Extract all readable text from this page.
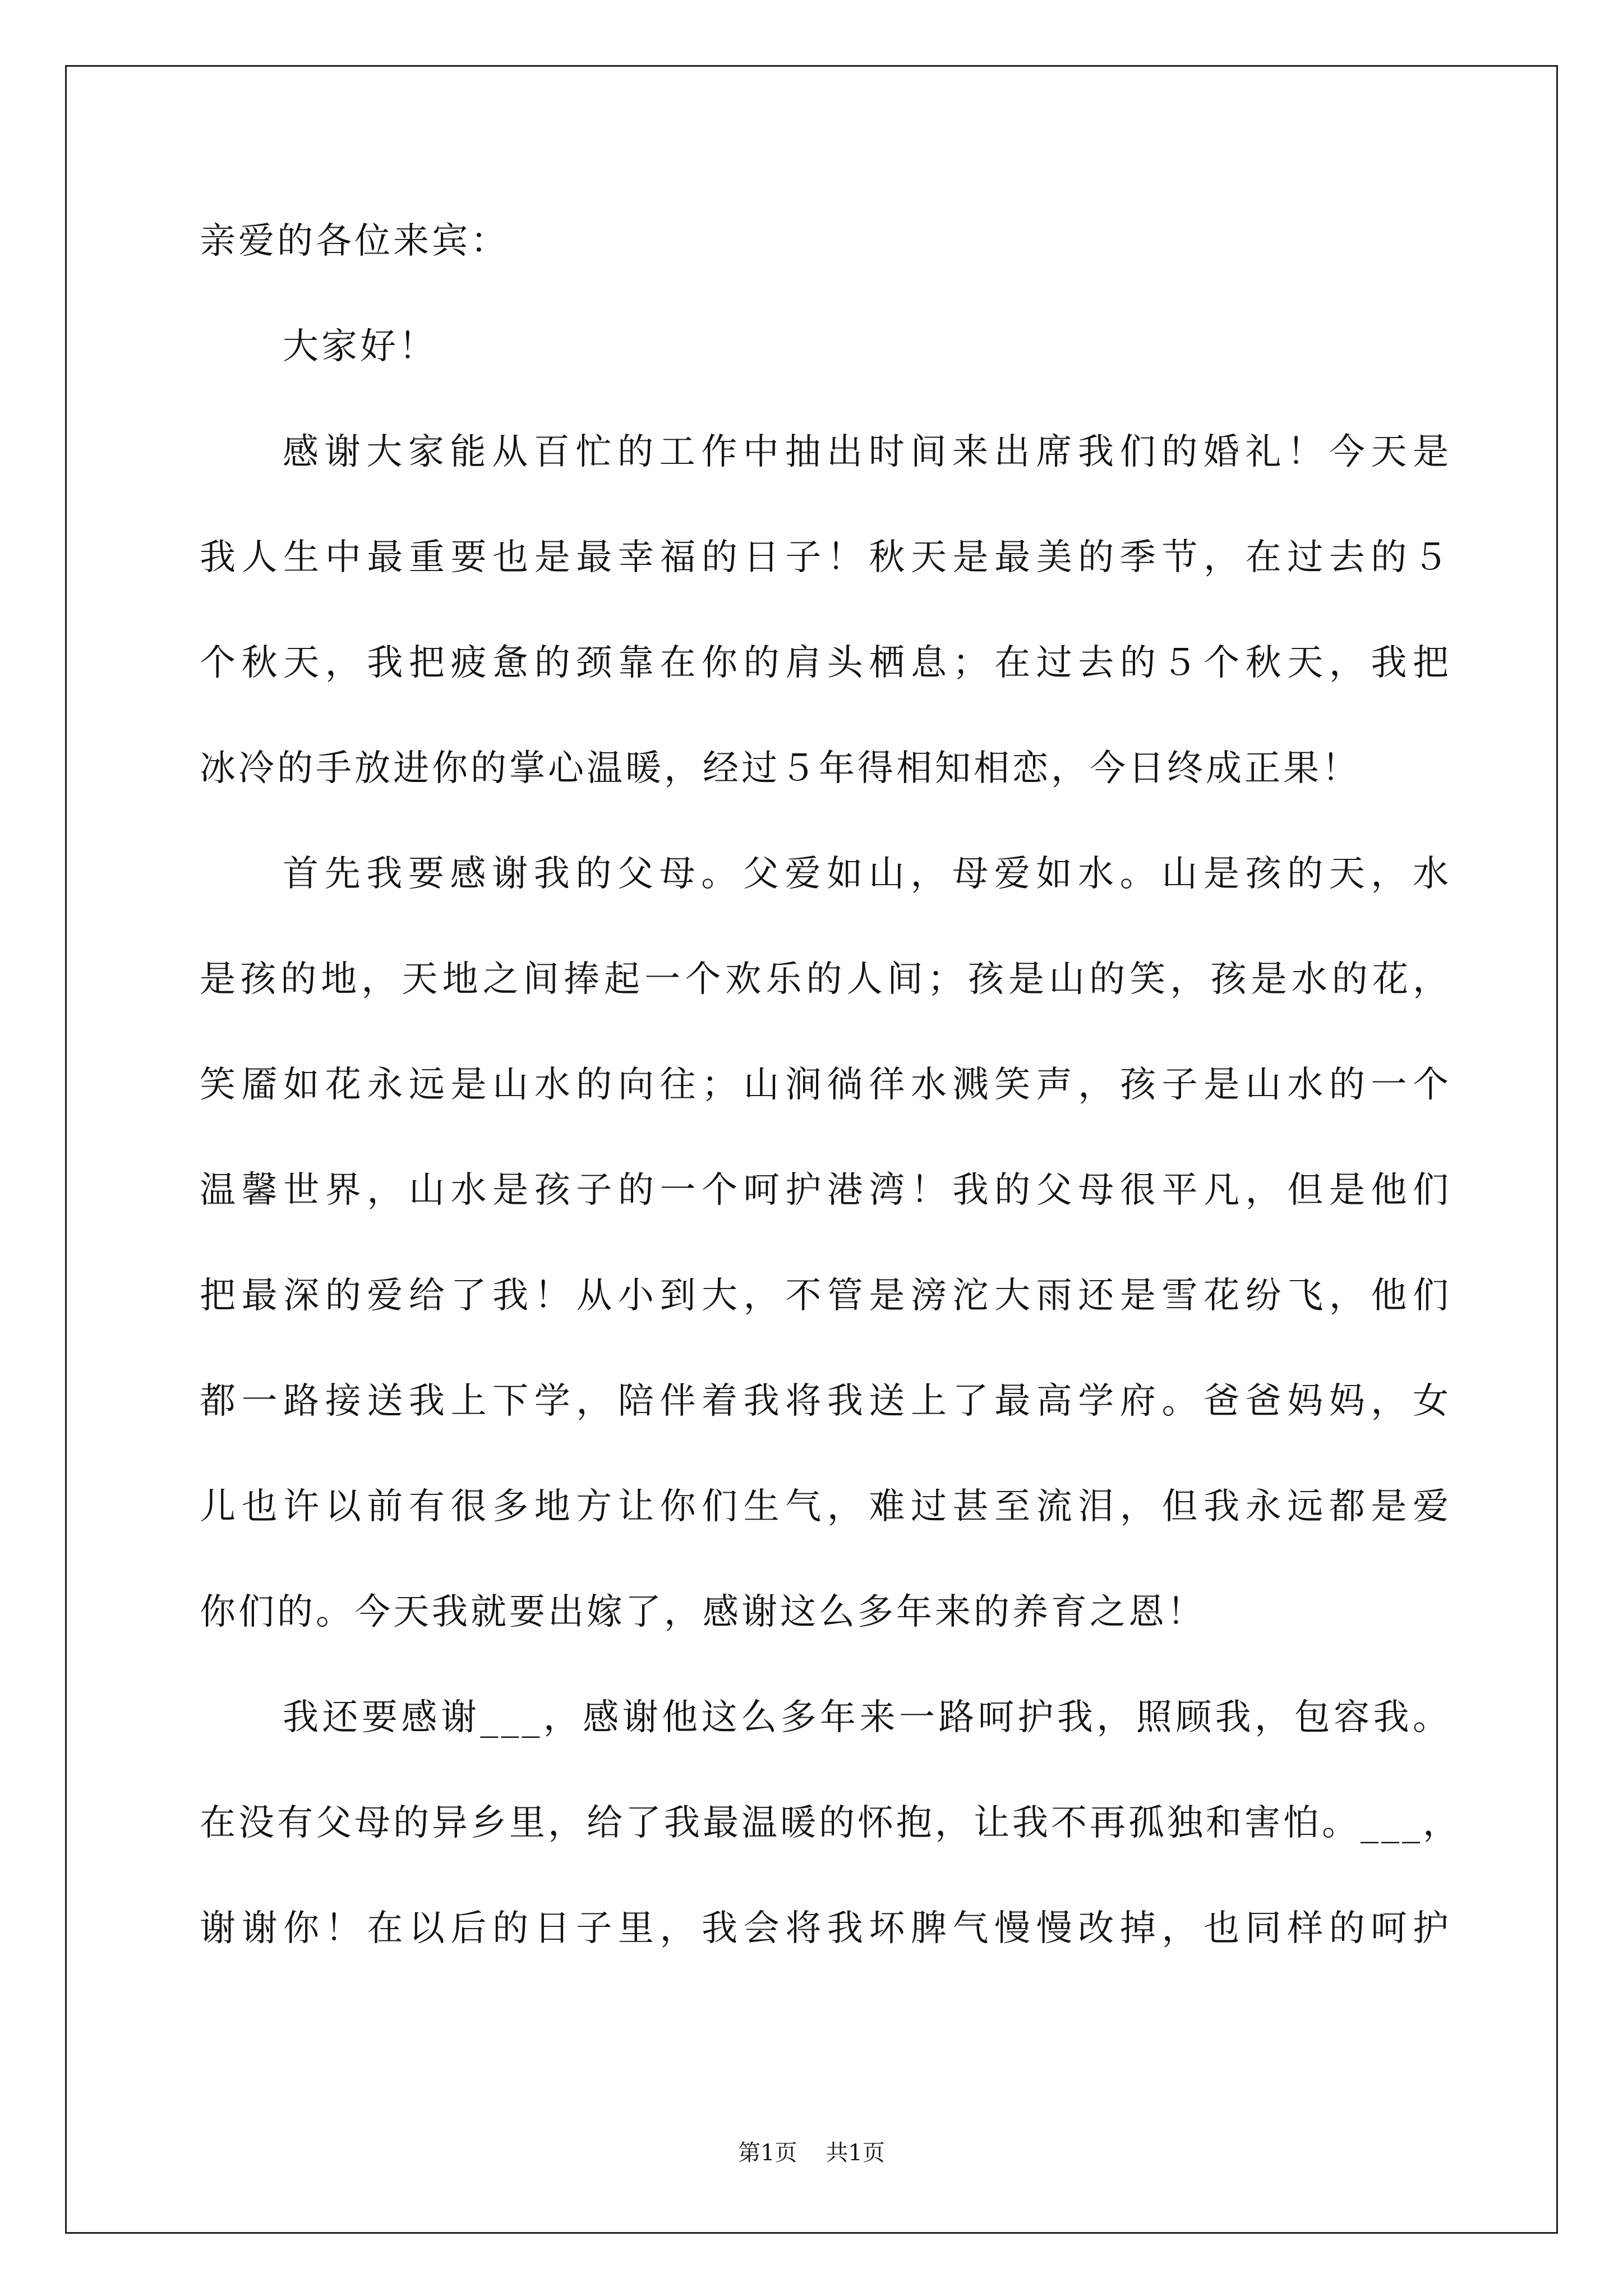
亲爱的各位来宾：
大家好！
感谢大家能从百忙的工作中抽出时间来出席我们的婚礼！今天是
我人生中最重要也是最幸福的日子！秋天是最美的季节，在过去的５
个秋天，我把疲惫的颈靠在你的肩头栖息；在过去的５个秋天，我把
冰冷的手放进你的掌心温暖，经过５年得相知相恋，今日终成正果！
首先我要感谢我的父母。父爱如山，母爱如水。山是孩的天，水
是孩的地，天地之间捧起一个欢乐的人间；孩是山的笑，孩是水的花，
笑靥如花永远是山水的向往；山涧徜徉水溅笑声，孩子是山水的一个
温馨世界，山水是孩子的一个呵护港湾！我的父母很平凡，但是他们
把最深的爱给了我！从小到大，不管是滂沱大雨还是雪花纷飞，他们
都一路接送我上下学，陪伴着我将我送上了最高学府。爸爸妈妈，女
儿也许以前有很多地方让你们生气，难过甚至流泪，但我永远都是爱
你们的。今天我就要出嫁了，感谢这么多年来的养育之恩！
我还要感谢___，感谢他这么多年来一路呵护我，照顾我，包容我。
在没有父母的异乡里，给了我最温暖的怀抱，让我不再孤独和害怕。___，
谢谢你！在以后的日子里，我会将我坏脾气慢慢改掉，也同样的呵护
第1页    共1页
